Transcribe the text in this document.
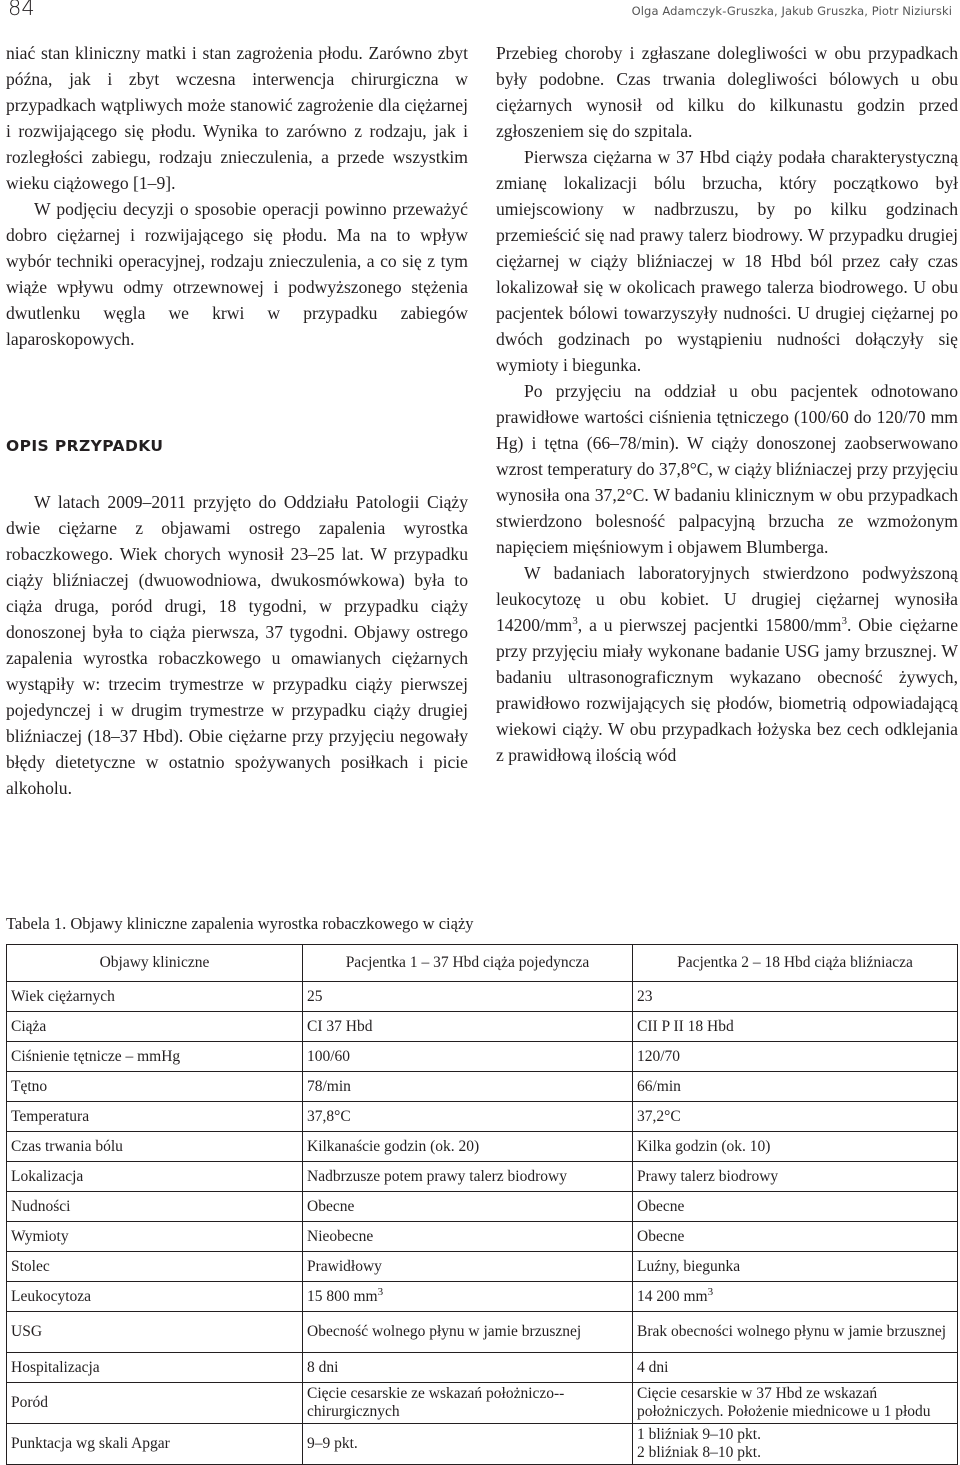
84	Olga Adamczyk-Gruszka, Jakub Gruszka, Piotr Niziurski

niać stan kliniczny matki i stan zagrożenia płodu. Zarówno zbyt późna, jak i zbyt wczesna interwencja chirurgiczna w przypadkach wątpliwych może stanowić zagrożenie dla ciężarnej i rozwijającego się płodu. Wynika to zarówno z rodzaju, jak i rozległości zabiegu, rodzaju znieczulenia, a przede wszystkim wieku ciążowego [1–9].

W podjęciu decyzji o sposobie operacji powinno przeważyć dobro ciężarnej i rozwijającego się płodu. Ma na to wpływ wybór techniki operacyjnej, rodzaju znieczulenia, a co się z tym wiąże wpływu odmy otrzewnowej i podwyższonego stężenia dwutlenku węgla we krwi w przypadku zabiegów laparoskopowych.

OPIS PRZYPADKU

W latach 2009–2011 przyjęto do Oddziału Patologii Ciąży dwie ciężarne z objawami ostrego zapalenia wyrostka robaczkowego. Wiek chorych wynosił 23–25 lat. W przypadku ciąży bliźniaczej (dwuowodniowa, dwukosmówkowa) była to ciąża druga, poród drugi, 18 tygodni, w przypadku ciąży donoszonej była to ciąża pierwsza, 37 tygodni. Objawy ostrego zapalenia wyrostka robaczkowego u omawianych ciężarnych wystąpiły w: trzecim trymestrze w przypadku ciąży pierwszej pojedynczej i w drugim trymestrze w przypadku ciąży drugiej bliźniaczej (18–37 Hbd). Obie ciężarne przy przyjęciu negowały błędy dietetyczne w ostatnio spożywanych posiłkach i picie alkoholu.

Przebieg choroby i zgłaszane dolegliwości w obu przypadkach były podobne. Czas trwania dolegliwości bólowych u obu ciężarnych wynosił od kilku do kilkunastu godzin przed zgłoszeniem się do szpitala.

Pierwsza ciężarna w 37 Hbd ciąży podała charakterystyczną zmianę lokalizacji bólu brzucha, który początkowo był umiejscowiony w nadbrzuszu, by po kilku godzinach przemieścić się nad prawy talerz biodrowy. W przypadku drugiej ciężarnej w ciąży bliźniaczej w 18 Hbd ból przez cały czas lokalizował się w okolicach prawego talerza biodrowego. U obu pacjentek bólowi towarzyszyły nudności. U drugiej ciężarnej po dwóch godzinach po wystąpieniu nudności dołączyły się wymioty i biegunka.

Po przyjęciu na oddział u obu pacjentek odnotowano prawidłowe wartości ciśnienia tętniczego (100/60 do 120/70 mm Hg) i tętna (66–78/min). W ciąży donoszonej zaobserwowano wzrost temperatury do 37,8°C, w ciąży bliźniaczej przy przyjęciu wynosiła ona 37,2°C. W badaniu klinicznym w obu przypadkach stwierdzono bolesność palpacyjną brzucha ze wzmożonym napięciem mięśniowym i objawem Blumberga.

W badaniach laboratoryjnych stwierdzono podwyższoną leukocytozę u obu kobiet. U drugiej ciężarnej wynosiła $14200/mm^3$, a u pierwszej pacjentki $15800/mm^3$. Obie ciężarne przy przyjęciu miały wykonane badanie USG jamy brzusznej. W badaniu ultrasonograficznym wykazano obecność żywych, prawidłowo rozwijających się płodów, biometrią odpowiadającą wiekowi ciąży. W obu przypadkach łożyska bez cech odklejania z prawidłową ilością wód

Tabela 1. Objawy kliniczne zapalenia wyrostka robaczkowego w ciąży
Objawy kliniczne	Pacjentka 1 – 37 Hbd ciąża pojedyncza	Pacjentka 2 – 18 Hbd ciąża bliźniacza
Wiek ciężarnych	25	23
Ciąża	CI 37 Hbd	CII P II 18 Hbd
Ciśnienie tętnicze – mmHg	100/60	120/70
Tętno	78/min	66/min
Temperatura	37,8°C	37,2°C
Czas trwania bólu	Kilkanaście godzin (ok. 20)	Kilka godzin (ok. 10)
Lokalizacja	Nadbrzusze potem prawy talerz biodrowy	Prawy talerz biodrowy
Nudności	Obecne	Obecne
Wymioty	Nieobecne	Obecne
Stolec	Prawidłowy	Luźny, biegunka
Leukocytoza	15 800 $mm^3$	14 200 $mm^3$
USG	Obecność wolnego płynu w jamie brzusznej	Brak obecności wolnego płynu w jamie brzusznej
Hospitalizacja	8 dni	4 dni
Poród	Cięcie cesarskie ze wskazań położniczo--chirurgicznych	Cięcie cesarskie w 37 Hbd ze wskazań położniczych. Położenie miednicowe u 1 płodu
Punktacja wg skali Apgar	9–9 pkt.	1 bliźniak 9–10 pkt.
2 bliźniak 8–10 pkt.
